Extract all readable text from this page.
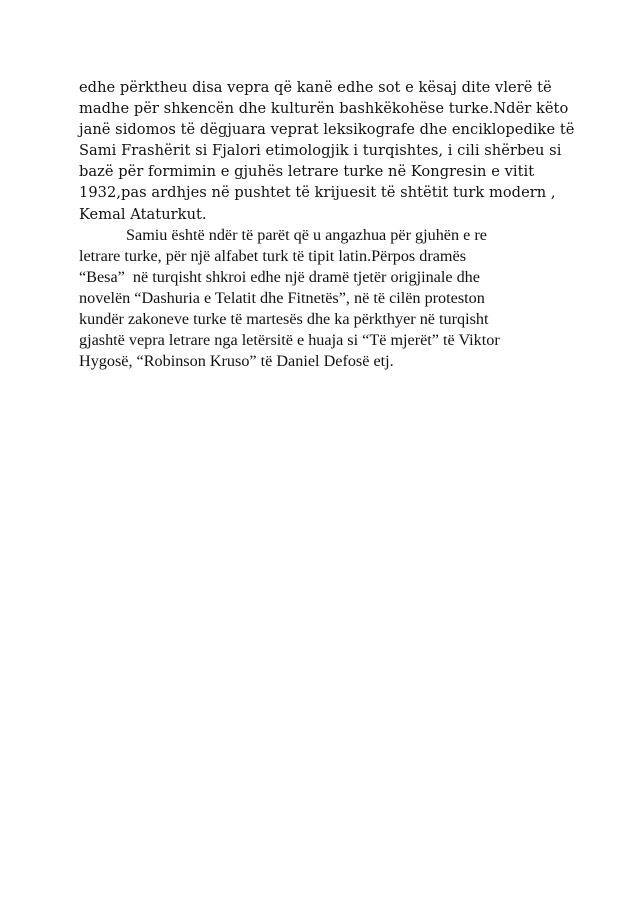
edhe përktheu disa vepra që kanë edhe sot e kësaj dite vlerë të
madhe për shkencën dhe kulturën bashkëkohëse turke.Ndër këto
janë sidomos të dëgjuara veprat leksikografe dhe enciklopedike të
Sami Frashërit si Fjalori etimologjik i turqishtes, i cili shërbeu si
bazë për formimin e gjuhës letrare turke në Kongresin e vitit
1932,pas ardhjes në pushtet të krijuesit të shtëtit turk modern ,
Kemal Ataturkut.
Samiu është ndër të parët që u angazhua për gjuhën e re
letrare turke, për një alfabet turk të tipit latin.Përpos dramës
“Besa”  në turqisht shkroi edhe një dramë tjetër origjinale dhe
novelën “Dashuria e Telatit dhe Fitnetës”, në të cilën proteston
kundër zakoneve turke të martesës dhe ka përkthyer në turqisht
gjashtë vepra letrare nga letërsitë e huaja si “Të mjerët” të Viktor
Hygosë, “Robinson Kruso” të Daniel Defosë etj.
